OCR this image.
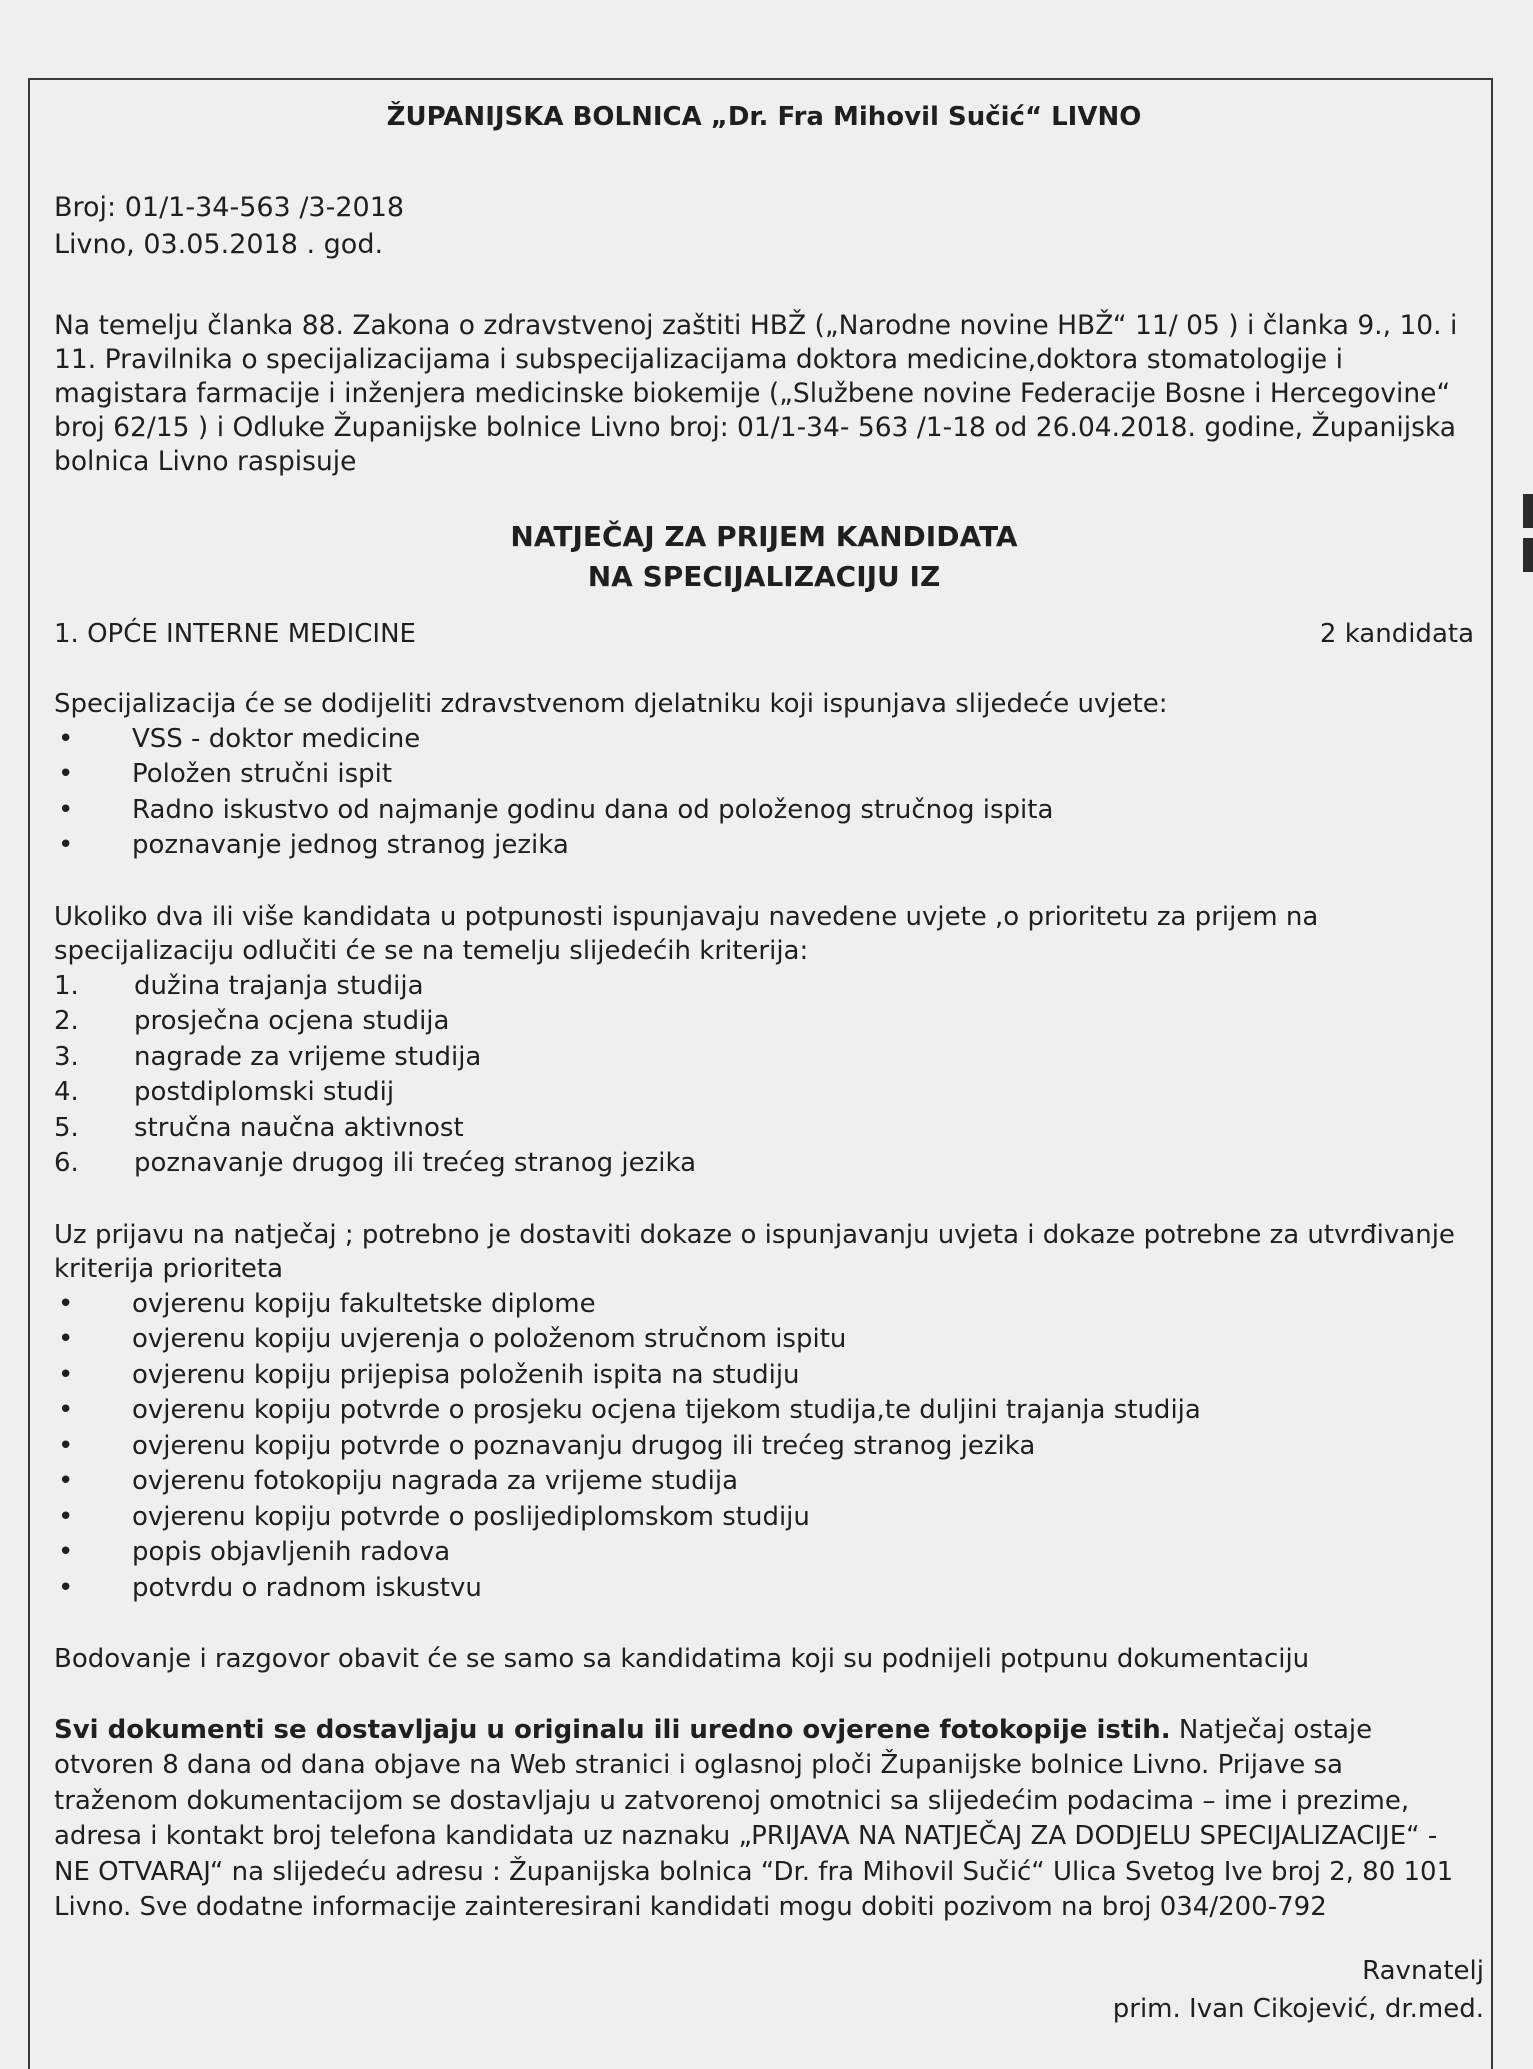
ŽUPANIJSKA BOLNICA „Dr. Fra Mihovil Sučić“ LIVNO

Broj: 01/1-34-563 /3-2018

Livno, 03.05.2018 . god.

Na temelju članka 88. Zakona o zdravstvenoj zaštiti HBŽ („Narodne novine HBŽ“ 11/ 05 ) i članka 9., 10. i 11. Pravilnika o specijalizacijama i subspecijalizacijama doktora medicine,doktora stomatologije i magistara farmacije i inženjera medicinske biokemije („Službene novine Federacije Bosne i Hercegovine“ broj 62/15 ) i Odluke Županijske bolnice Livno broj: 01/1-34- 563 /1-18 od 26.04.2018. godine, Županijska bolnica Livno raspisuje

NATJEČAJ ZA PRIJEM KANDIDATA
NA SPECIJALIZACIJU IZ
1. OPĆE INTERNE MEDICINE	2 kandidata

Specijalizacija će se dodijeliti zdravstvenom djelatniku koji ispunjava slijedeće uvjete:

•	VSS - doktor medicine
•	Položen stručni ispit
•	Radno iskustvo od najmanje godinu dana od položenog stručnog ispita
•	poznavanje jednog stranog jezika

Ukoliko dva ili više kandidata u potpunosti ispunjavaju navedene uvjete ,o prioritetu za prijem na specijalizaciju odlučiti će se na temelju slijedećih kriterija:

1.	dužina trajanja studija
2.	prosječna ocjena studija
3.	nagrade za vrijeme studija
4.	postdiplomski studij
5.	stručna naučna aktivnost
6.	poznavanje drugog ili trećeg stranog jezika

Uz prijavu na natječaj ; potrebno je dostaviti dokaze o ispunjavanju uvjeta i dokaze potrebne za utvrđivanje kriterija prioriteta

•	ovjerenu kopiju fakultetske diplome
•	ovjerenu kopiju uvjerenja o položenom stručnom ispitu
•	ovjerenu kopiju prijepisa položenih ispita na studiju
•	ovjerenu kopiju potvrde o prosjeku ocjena tijekom studija,te duljini trajanja studija
•	ovjerenu kopiju potvrde o poznavanju drugog ili trećeg stranog jezika
•	ovjerenu fotokopiju nagrada za vrijeme studija
•	ovjerenu kopiju potvrde o poslijediplomskom studiju
•	popis objavljenih radova
•	potvrdu o radnom iskustvu

Bodovanje i razgovor obavit će se samo sa kandidatima koji su podnijeli potpunu dokumentaciju

Svi dokumenti se dostavljaju u originalu ili uredno ovjerene fotokopije istih. Natječaj ostaje otvoren 8 dana od dana objave na Web stranici i oglasnoj ploči Županijske bolnice Livno. Prijave sa traženom dokumentacijom se dostavljaju u zatvorenoj omotnici sa slijedećim podacima – ime i prezime, adresa i kontakt broj telefona kandidata uz naznaku „PRIJAVA NA NATJEČAJ ZA DODJELU SPECIJALIZACIJE“ - NE OTVARAJ“ na slijedeću adresu : Županijska bolnica “Dr. fra Mihovil Sučić“ Ulica Svetog Ive broj 2, 80 101 Livno. Sve dodatne informacije zainteresirani kandidati mogu dobiti pozivom na broj 034/200-792

Ravnatelj
prim. Ivan Cikojević, dr.med.
